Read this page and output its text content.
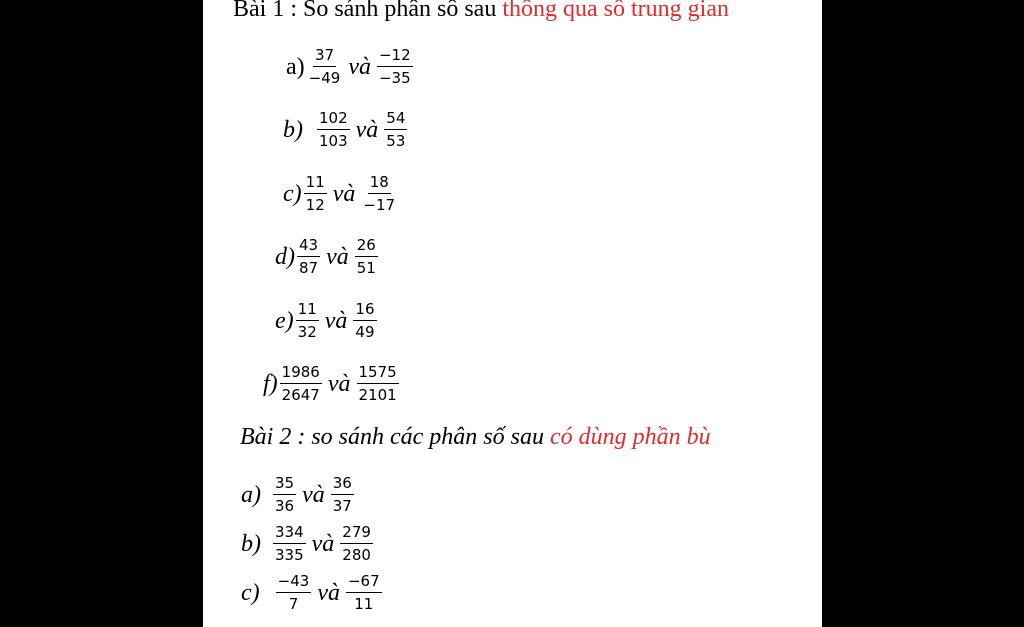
Bài 1 : So sánh phân sô sau thông qua sô trung gian
$a) \frac{37}{-49}$ và $\frac{-12}{-35}$
$b) \frac{102}{103}$ và $\frac{54}{53}$
$c) \frac{11}{12}$ và $\frac{18}{-17}$
$d) \frac{43}{87}$ và $\frac{26}{51}$
$e) \frac{11}{32}$ và $\frac{16}{49}$
$f) \frac{1986}{2647}$ và $\frac{1575}{2101}$
Bài 2 : so sánh các phân số sau có dùng phần bù
$a) \frac{35}{36}$ và $\frac{36}{37}$
$b) \frac{334}{335}$ và $\frac{279}{280}$
$c) \frac{-43}{7}$ và $\frac{-67}{11}$
